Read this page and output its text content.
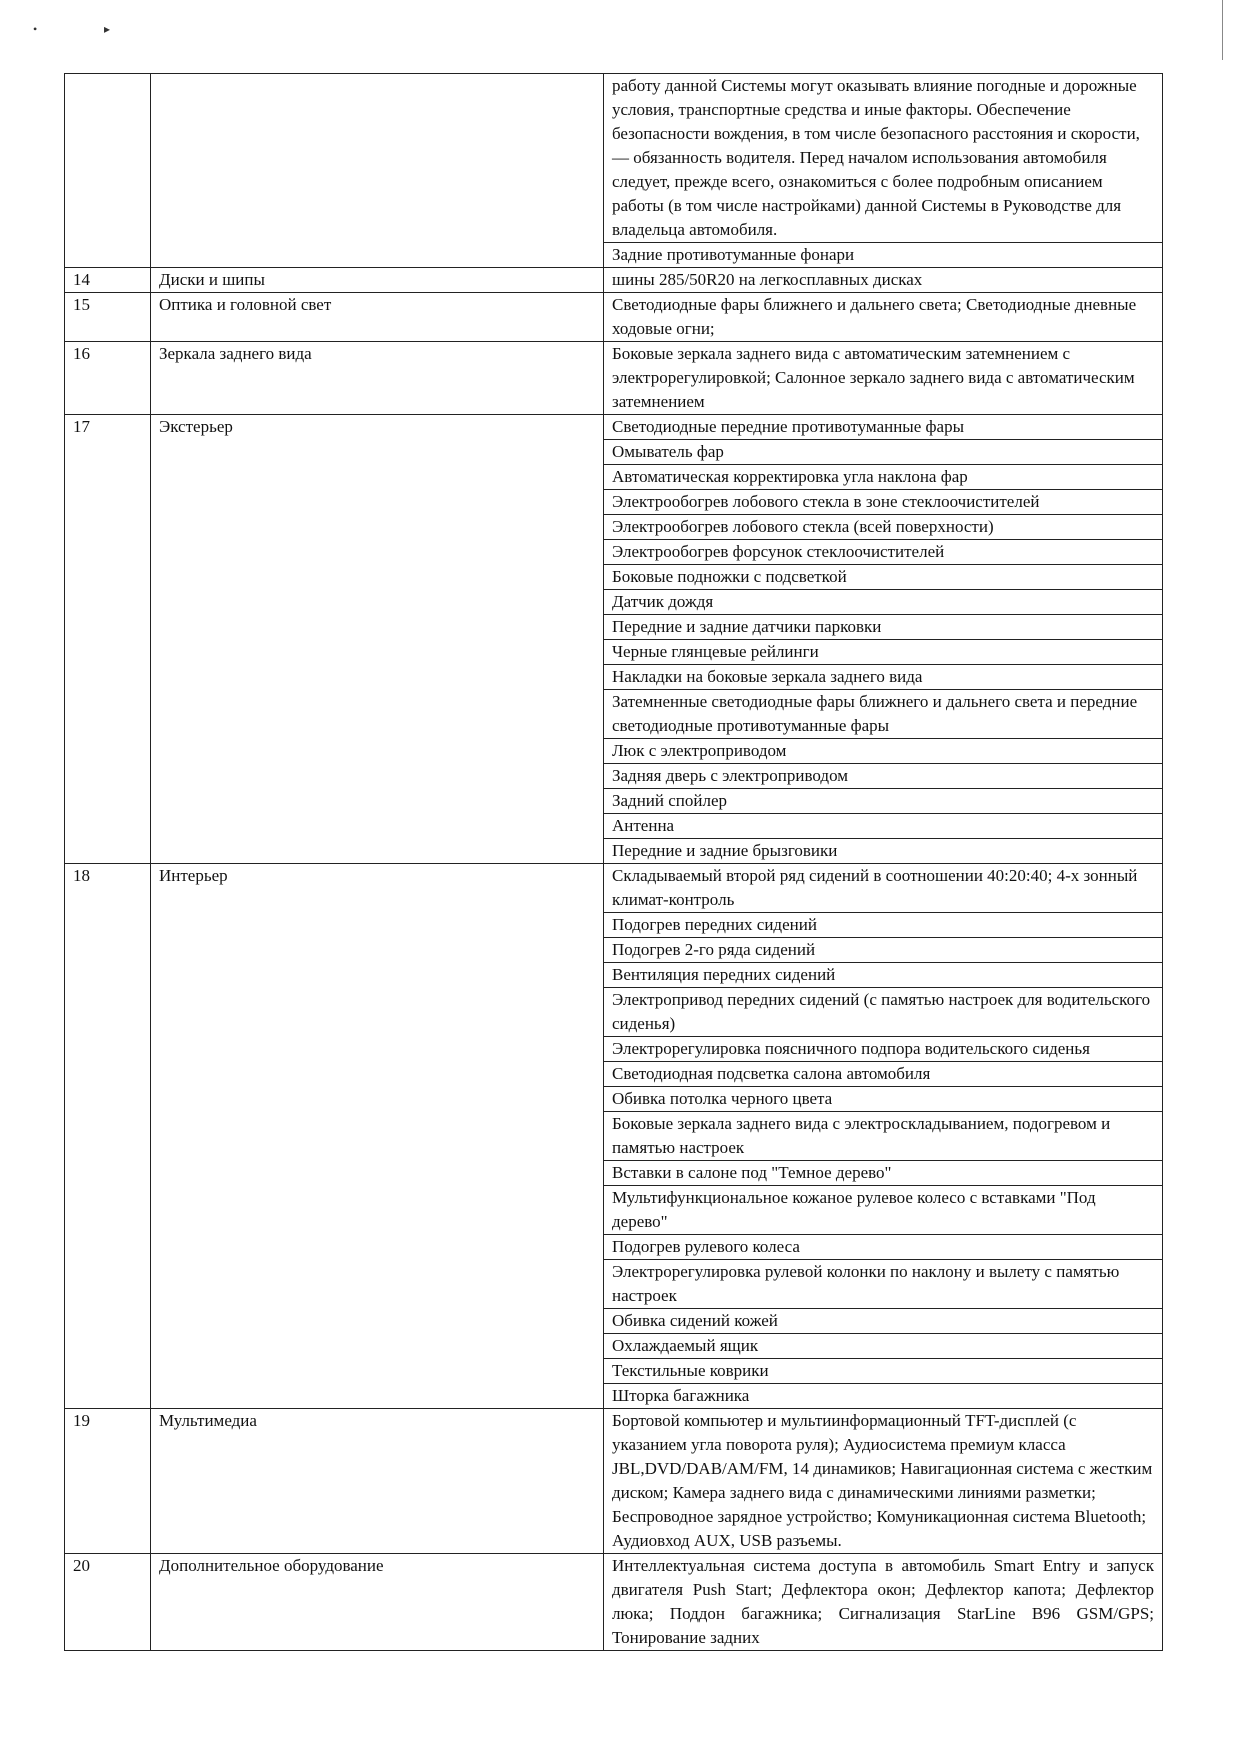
•	▸
		работу данной Системы могут оказывать влияние погодные и дорожные условия, транспортные средства и иные факторы. Обеспечение безопасности вождения, в том числе безопасного расстояния и скорости, — обязанность водителя. Перед началом использования автомобиля следует, прежде всего, ознакомиться с более подробным описанием работы (в том числе настройками) данной Системы в Руководстве для владельца автомобиля.
		Задние противотуманные фонари
14	Диски и шипы	шины 285/50R20 на легкосплавных дисках
15	Оптика и головной свет	Светодиодные фары ближнего и дальнего света; Светодиодные дневные ходовые огни;
16	Зеркала заднего вида	Боковые зеркала заднего вида с автоматическим затемнением с электрорегулировкой; Салонное зеркало заднего вида с автоматическим затемнением
17	Экстерьер	Светодиодные передние противотуманные фары
		Омыватель фар
		Автоматическая корректировка угла наклона фар
		Электрообогрев лобового стекла в зоне стеклоочистителей
		Электрообогрев лобового стекла (всей поверхности)
		Электрообогрев форсунок стеклоочистителей
		Боковые подножки с подсветкой
		Датчик дождя
		Передние и задние датчики парковки
		Черные глянцевые рейлинги
		Накладки на боковые зеркала заднего вида
		Затемненные светодиодные фары ближнего и дальнего света и передние светодиодные противотуманные фары
		Люк с электроприводом
		Задняя дверь с электроприводом
		Задний спойлер
		Антенна
		Передние и задние брызговики
18	Интерьер	Складываемый второй ряд сидений в соотношении 40:20:40; 4-х зонный климат-контроль
		Подогрев передних сидений
		Подогрев 2-го ряда сидений
		Вентиляция передних сидений
		Электропривод передних сидений (с памятью настроек для водительского сиденья)
		Электрорегулировка поясничного подпора водительского сиденья
		Светодиодная подсветка салона автомобиля
		Обивка потолка черного цвета
		Боковые зеркала заднего вида с электроскладыванием, подогревом и памятью настроек
		Вставки в салоне под "Темное дерево"
		Мультифункциональное кожаное рулевое колесо с вставками "Под дерево"
		Подогрев рулевого колеса
		Электрорегулировка рулевой колонки по наклону и вылету с памятью настроек
		Обивка сидений кожей
		Охлаждаемый ящик
		Текстильные коврики
		Шторка багажника
19	Мультимедиа	Бортовой компьютер и мультиинформационный TFT-дисплей (с указанием угла поворота руля); Аудиосистема премиум класса JBL,DVD/DAB/AM/FM, 14 динамиков; Навигационная система с жестким диском; Камера заднего вида с динамическими линиями разметки; Беспроводное зарядное устройство; Комуникационная система Bluetooth; Аудиовход AUX, USB разъемы.
20	Дополнительное оборудование	Интеллектуальная система доступа в автомобиль Smart Entry и запуск двигателя Push Start; Дефлектора окон; Дефлектор капота; Дефлектор люка; Поддон багажника; Сигнализация StarLine B96 GSM/GPS; Тонирование задних
